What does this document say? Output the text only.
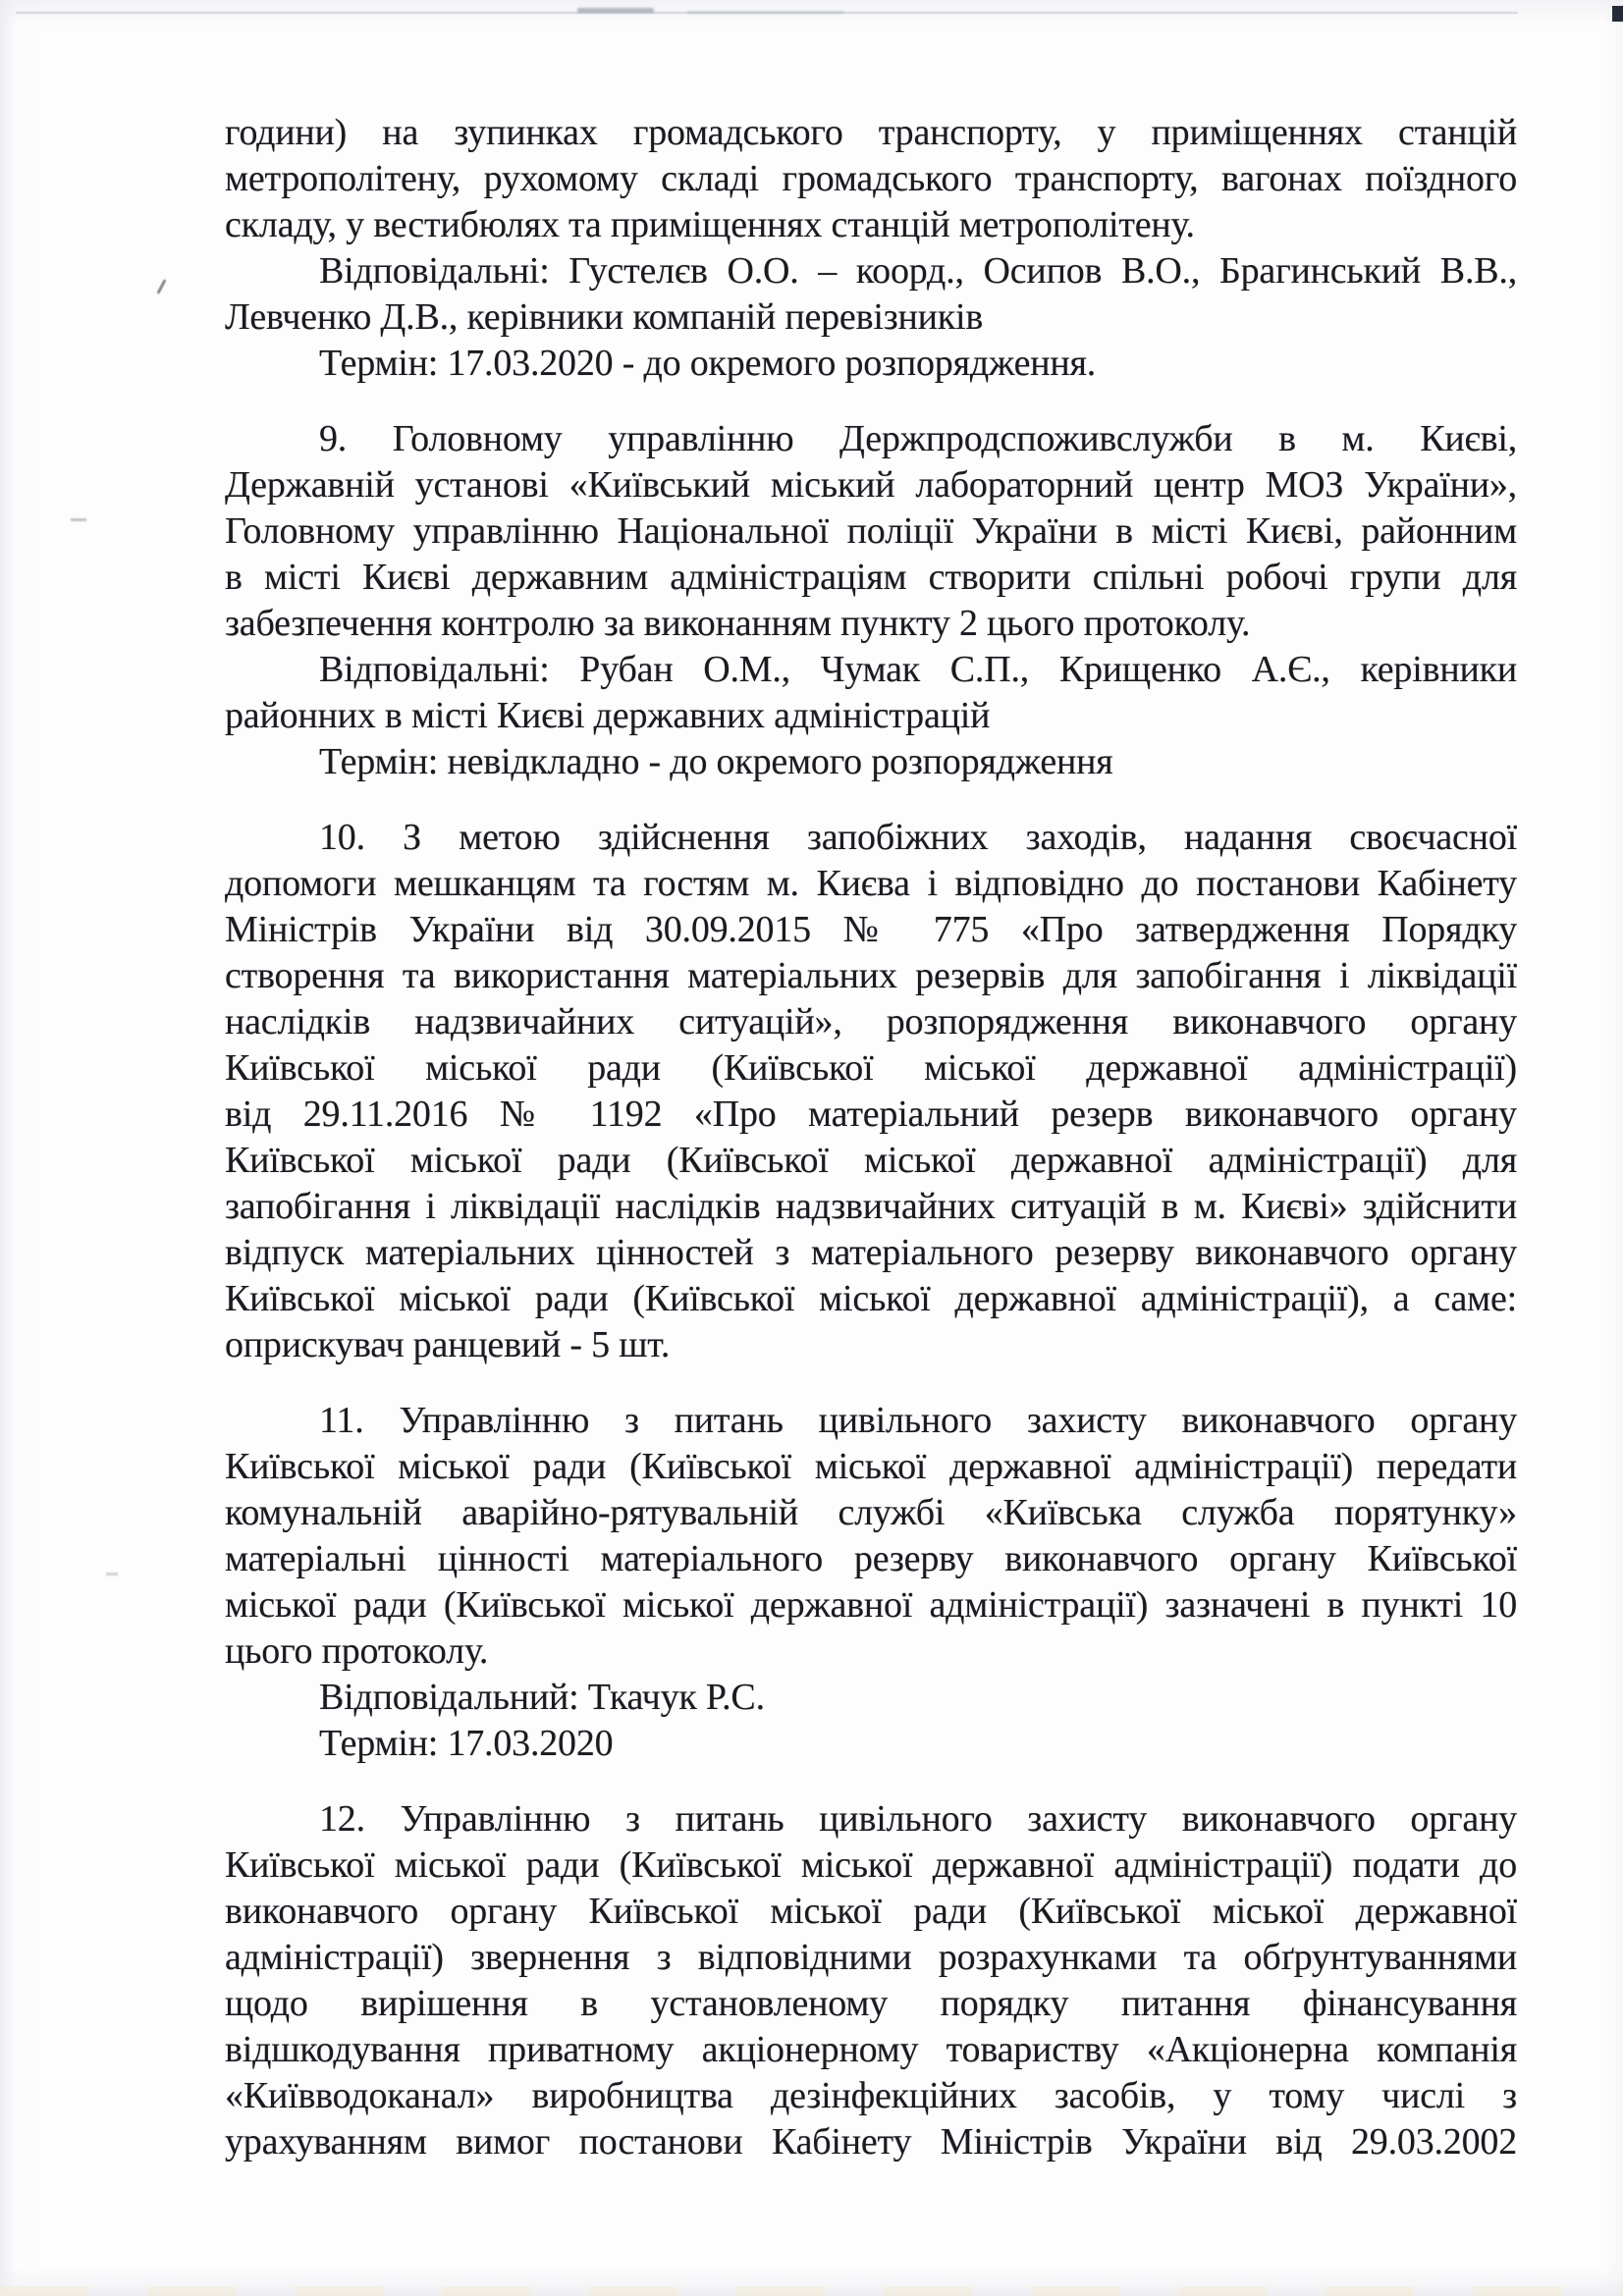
години) на зупинках громадського транспорту, у приміщеннях станцій
метрополітену, рухомому складі громадського транспорту, вагонах поїздного
складу, у вестибюлях та приміщеннях станцій метрополітену.
Відповідальні: Густелєв О.О. – коорд., Осипов В.О., Брагинський В.В.,
Левченко Д.В., керівники компаній перевізників
Термін: 17.03.2020 - до окремого розпорядження.
9. Головному управлінню Держпродспоживслужби в м. Києві,
Державній установі «Київський міський лабораторний центр МОЗ України»,
Головному управлінню Національної поліції України в місті Києві, районним
в місті Києві державним адміністраціям створити спільні робочі групи для
забезпечення контролю за виконанням пункту 2 цього протоколу.
Відповідальні: Рубан О.М., Чумак С.П., Крищенко А.Є., керівники
районних в місті Києві державних адміністрацій
Термін: невідкладно - до окремого розпорядження
10. З метою здійснення запобіжних заходів, надання своєчасної
допомоги мешканцям та гостям м. Києва і відповідно до постанови Кабінету
Міністрів України від 30.09.2015 № 775 «Про затвердження Порядку
створення та використання матеріальних резервів для запобігання і ліквідації
наслідків надзвичайних ситуацій», розпорядження виконавчого органу
Київської міської ради (Київської міської державної адміністрації)
від 29.11.2016 № 1192 «Про матеріальний резерв виконавчого органу
Київської міської ради (Київської міської державної адміністрації) для
запобігання і ліквідації наслідків надзвичайних ситуацій в м. Києві» здійснити
відпуск матеріальних цінностей з матеріального резерву виконавчого органу
Київської міської ради (Київської міської державної адміністрації), а саме:
оприскувач ранцевий - 5 шт.
11. Управлінню з питань цивільного захисту виконавчого органу
Київської міської ради (Київської міської державної адміністрації) передати
комунальній аварійно-рятувальній службі «Київська служба порятунку»
матеріальні цінності матеріального резерву виконавчого органу Київської
міської ради (Київської міської державної адміністрації) зазначені в пункті 10
цього протоколу.
Відповідальний: Ткачук Р.С.
Термін: 17.03.2020
12. Управлінню з питань цивільного захисту виконавчого органу
Київської міської ради (Київської міської державної адміністрації) подати до
виконавчого органу Київської міської ради (Київської міської державної
адміністрації) звернення з відповідними розрахунками та обґрунтуваннями
щодо вирішення в установленому порядку питання фінансування
відшкодування приватному акціонерному товариству «Акціонерна компанія
«Київводоканал» виробництва дезінфекційних засобів, у тому числі з
урахуванням вимог постанови Кабінету Міністрів України від 29.03.2002
